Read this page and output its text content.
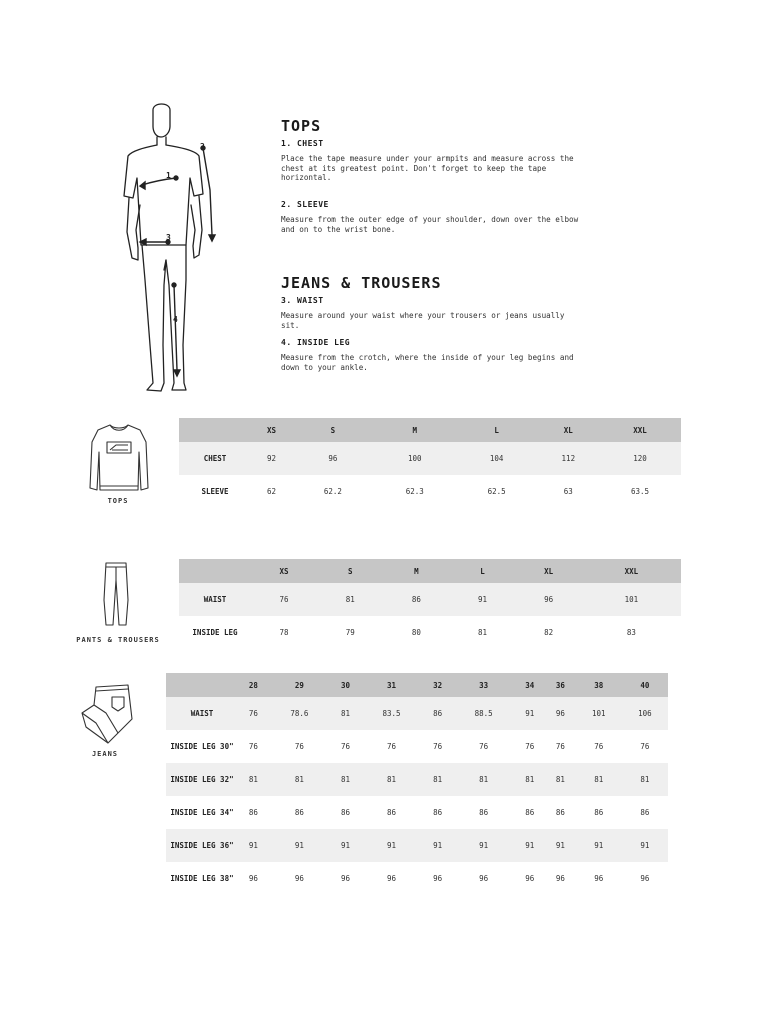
1
2
3
4
TOPS
1. CHEST
Place the tape measure under your armpits and measure across the chest at its greatest point. Don't forget to keep the tape horizontal.
2. SLEEVE
Measure from the outer edge of your shoulder, down over the elbow and on to the wrist bone.
JEANS & TROUSERS
3. WAIST
Measure around your waist where your trousers or jeans usually sit.
4. INSIDE LEG
Measure from the crotch, where the inside of your leg begins and down to your ankle.
TOPS
	XS	S	M	L	XL	XXL
CHEST	92	96	100	104	112	120
SLEEVE	62	62.2	62.3	62.5	63	63.5
PANTS & TROUSERS
	XS	S	M	L	XL	XXL
WAIST	76	81	86	91	96	101
INSIDE LEG	78	79	80	81	82	83
JEANS
	28	29	30	31	32	33	34	36	38	40
WAIST	76	78.6	81	83.5	86	88.5	91	96	101	106
INSIDE LEG 30"	76	76	76	76	76	76	76	76	76	76
INSIDE LEG 32"	81	81	81	81	81	81	81	81	81	81
INSIDE LEG 34"	86	86	86	86	86	86	86	86	86	86
INSIDE LEG 36"	91	91	91	91	91	91	91	91	91	91
INSIDE LEG 38"	96	96	96	96	96	96	96	96	96	96
